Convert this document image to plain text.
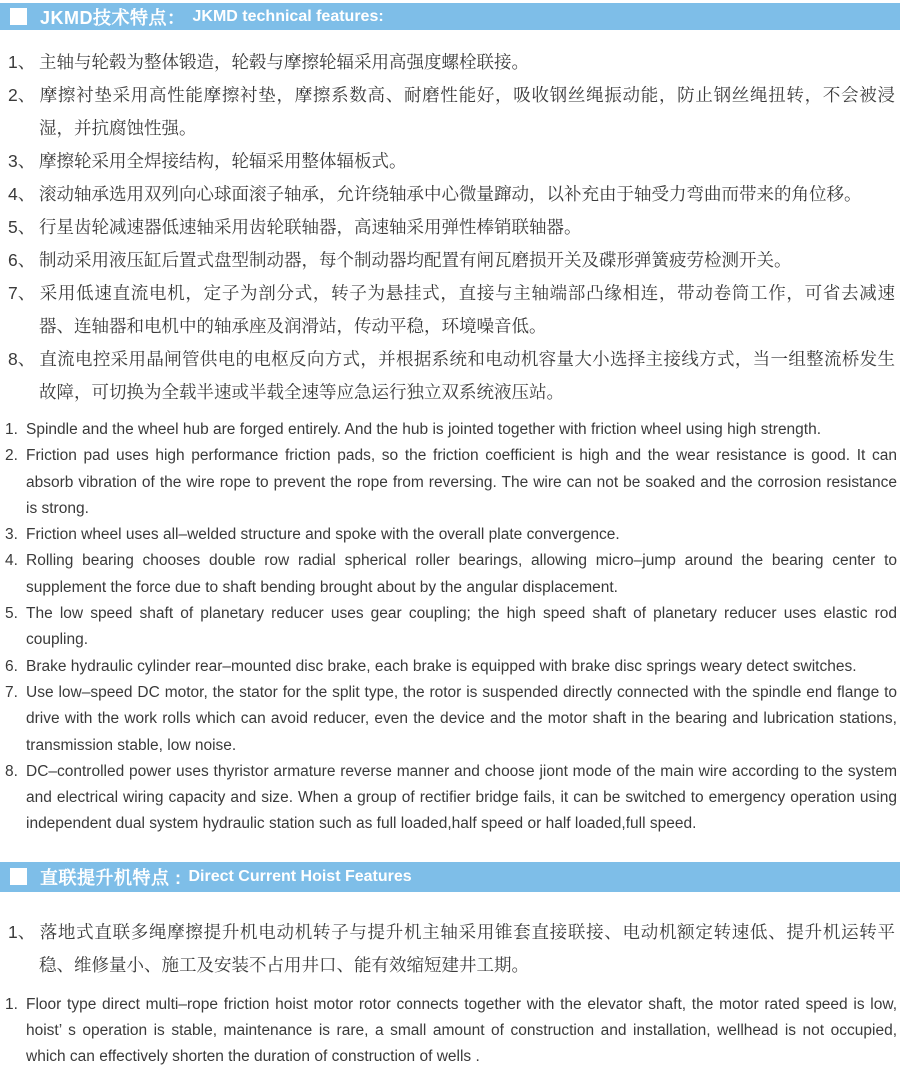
JKMD技术特点： JKMD technical features:

1、 主轴与轮毂为整体锻造，轮毂与摩擦轮辐采用高强度螺栓联接。

2、 摩擦衬垫采用高性能摩擦衬垫，摩擦系数高、耐磨性能好，吸收钢丝绳振动能，防止钢丝绳扭转，不会被浸湿，并抗腐蚀性强。

3、 摩擦轮采用全焊接结构，轮辐采用整体辐板式。

4、 滚动轴承选用双列向心球面滚子轴承，允许绕轴承中心微量蹿动，以补充由于轴受力弯曲而带来的角位移。

5、 行星齿轮减速器低速轴采用齿轮联轴器，高速轴采用弹性棒销联轴器。

6、 制动采用液压缸后置式盘型制动器，每个制动器均配置有闸瓦磨损开关及碟形弹簧疲劳检测开关。

7、 采用低速直流电机，定子为剖分式，转子为悬挂式，直接与主轴端部凸缘相连，带动卷筒工作，可省去减速器、连轴器和电机中的轴承座及润滑站，传动平稳，环境噪音低。

8、 直流电控采用晶闸管供电的电枢反向方式，并根据系统和电动机容量大小选择主接线方式，当一组整流桥发生故障，可切换为全载半速或半载全速等应急运行独立双系统液压站。

1. Spindle and the wheel hub are forged entirely. And the hub is jointed together with friction wheel using high strength.

2. Friction pad uses high performance friction pads, so the friction coefficient is high and the wear resistance is good. It can absorb vibration of the wire rope to prevent the rope from reversing. The wire can not be soaked and the corrosion resistance is strong.

3. Friction wheel uses all–welded structure and spoke with the overall plate convergence.

4. Rolling bearing chooses double row radial spherical roller bearings, allowing micro–jump around the bearing center to supplement the force due to shaft bending brought about by the angular displacement.

5. The low speed shaft of planetary reducer uses gear coupling; the high speed shaft of planetary reducer uses elastic rod coupling.

6. Brake hydraulic cylinder rear–mounted disc brake, each brake is equipped with brake disc springs weary detect switches.

7. Use low–speed DC motor, the stator for the split type, the rotor is suspended directly connected with the spindle end flange to drive with the work rolls which can avoid reducer, even the device and the motor shaft in the bearing and lubrication stations, transmission stable, low noise.

8. DC–controlled power uses thyristor armature reverse manner and choose jiont mode of the main wire according to the system and electrical wiring capacity and size. When a group of rectifier bridge fails, it can be switched to emergency operation using independent dual system hydraulic station such as full loaded,half speed or half loaded,full speed.

直联提升机特点 : Direct Current Hoist Features

1、 落地式直联多绳摩擦提升机电动机转子与提升机主轴采用锥套直接联接、电动机额定转速低、提升机运转平稳、维修量小、施工及安装不占用井口、能有效缩短建井工期。

1. Floor type direct multi–rope friction hoist motor rotor connects together with the elevator shaft, the motor rated speed is low, hoist’ s operation is stable, maintenance is rare, a small amount of construction and installation, wellhead is not occupied, which can effectively shorten the duration of construction of wells .
